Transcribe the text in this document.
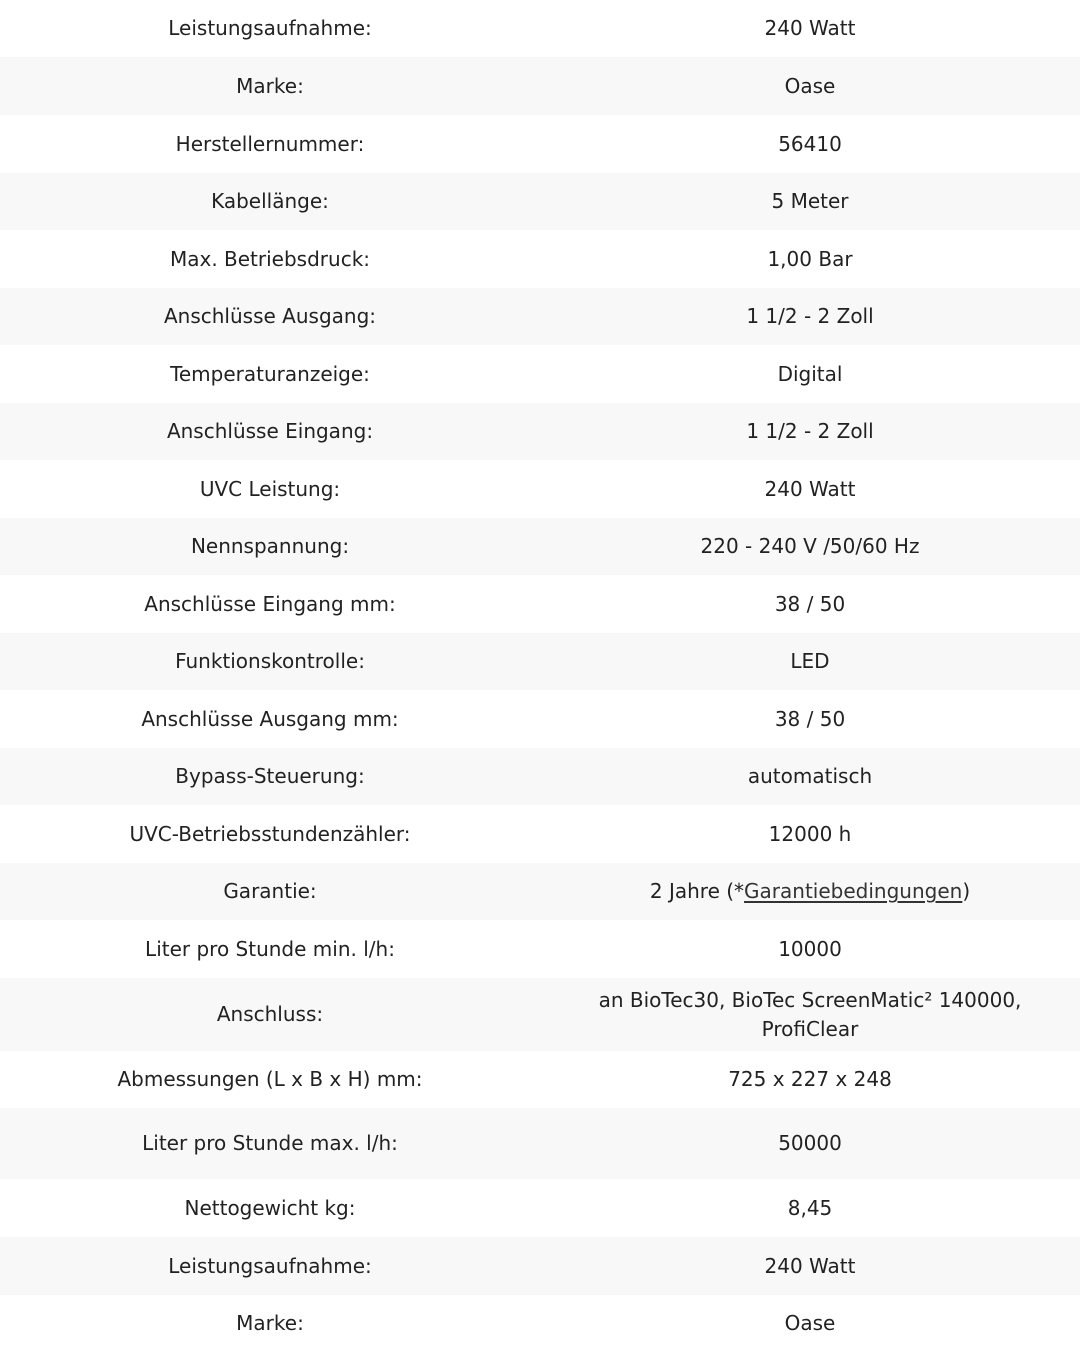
Leistungsaufnahme:	240 Watt
Marke:	Oase
Herstellernummer:	56410
Kabellänge:	5 Meter
Max. Betriebsdruck:	1,00 Bar
Anschlüsse Ausgang:	1 1/2 - 2 Zoll
Temperaturanzeige:	Digital
Anschlüsse Eingang:	1 1/2 - 2 Zoll
UVC Leistung:	240 Watt
Nennspannung:	220 - 240 V /50/60 Hz
Anschlüsse Eingang mm:	38 / 50
Funktionskontrolle:	LED
Anschlüsse Ausgang mm:	38 / 50
Bypass-Steuerung:	automatisch
UVC-Betriebsstundenzähler:	12000 h
Garantie:	2 Jahre (*Garantiebedingungen)
Liter pro Stunde min. l/h:	10000
Anschluss:	an BioTec30, BioTec ScreenMatic² 140000, ProfiClear
Abmessungen (L x B x H) mm:	725 x 227 x 248
Liter pro Stunde max. l/h:	50000
Nettogewicht kg:	8,45
Leistungsaufnahme:	240 Watt
Marke:	Oase
